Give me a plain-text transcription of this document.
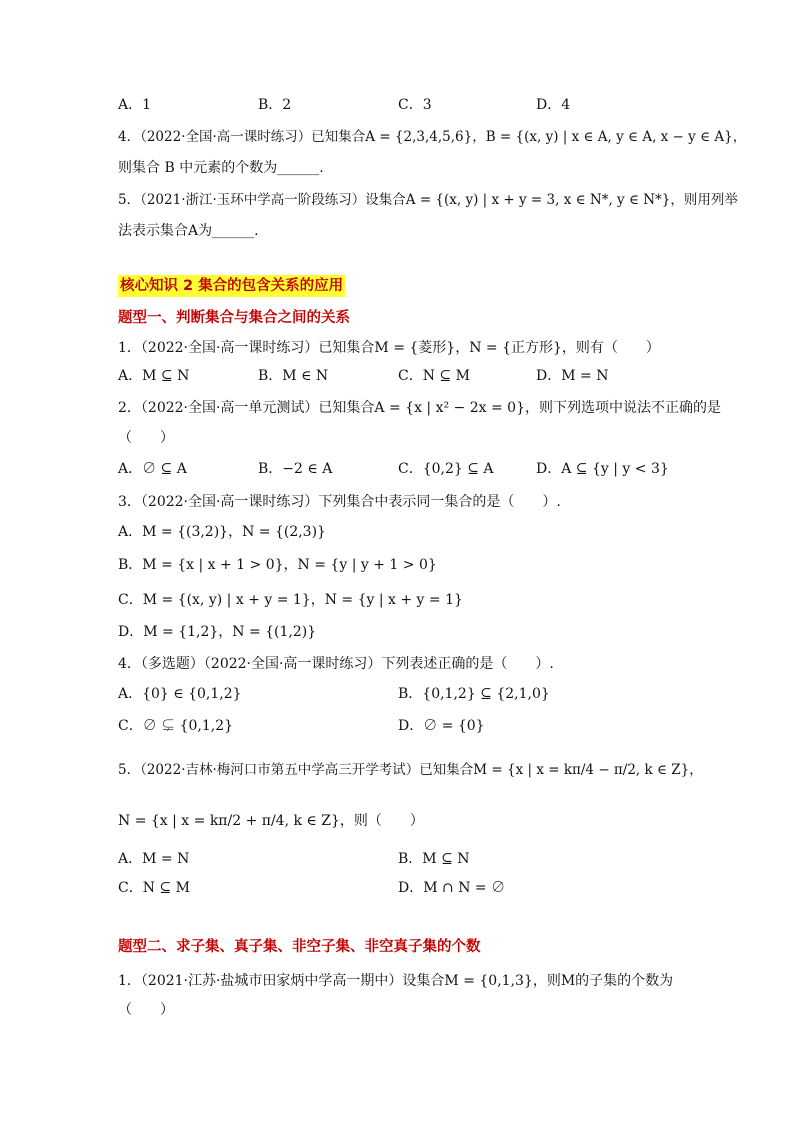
A．1	B．2	C．3	D．4
4．（2022·全国·高一课时练习）已知集合A = {2,3,4,5,6}，B = {(x, y) | x ∈ A, y ∈ A, x − y ∈ A}，
则集合 B 中元素的个数为______.
5．（2021·浙江·玉环中学高一阶段练习）设集合A = {(x, y) | x + y = 3, x ∈ N*, y ∈ N*}，则用列举
法表示集合A为______.
核心知识 2 集合的包含关系的应用
题型一、判断集合与集合之间的关系
1．（2022·全国·高一课时练习）已知集合M = {菱形}，N = {正方形}，则有（　　）
A．M ⊆ N	B．M ∈ N	C．N ⊆ M	D．M = N
2．（2022·全国·高一单元测试）已知集合A = {x | x² − 2x = 0}，则下列选项中说法不正确的是
（　　）
A．∅ ⊆ A	B．−2 ∈ A	C．{0,2} ⊆ A	D．A ⊆ {y | y < 3}
3．（2022·全国·高一课时练习）下列集合中表示同一集合的是（　　）.
A．M = {(3,2)}，N = {(2,3)}
B．M = {x | x + 1 > 0}，N = {y | y + 1 > 0}
C．M = {(x, y) | x + y = 1}，N = {y | x + y = 1}
D．M = {1,2}，N = {(1,2)}
4．（多选题）（2022·全国·高一课时练习）下列表述正确的是（　　）.
A．{0} ∈ {0,1,2}	B．{0,1,2} ⊆ {2,1,0}
C．∅ ⊊ {0,1,2}	D．∅ = {0}
5．（2022·吉林·梅河口市第五中学高三开学考试）已知集合M = {x | x = kπ/4 − π/2, k ∈ Z}，
N = {x | x = kπ/2 + π/4, k ∈ Z}，则（　　）
A．M = N	B．M ⊆ N
C．N ⊆ M	D．M ∩ N = ∅
题型二、求子集、真子集、非空子集、非空真子集的个数
1．（2021·江苏·盐城市田家炳中学高一期中）设集合M = {0,1,3}，则M的子集的个数为
（　　）
